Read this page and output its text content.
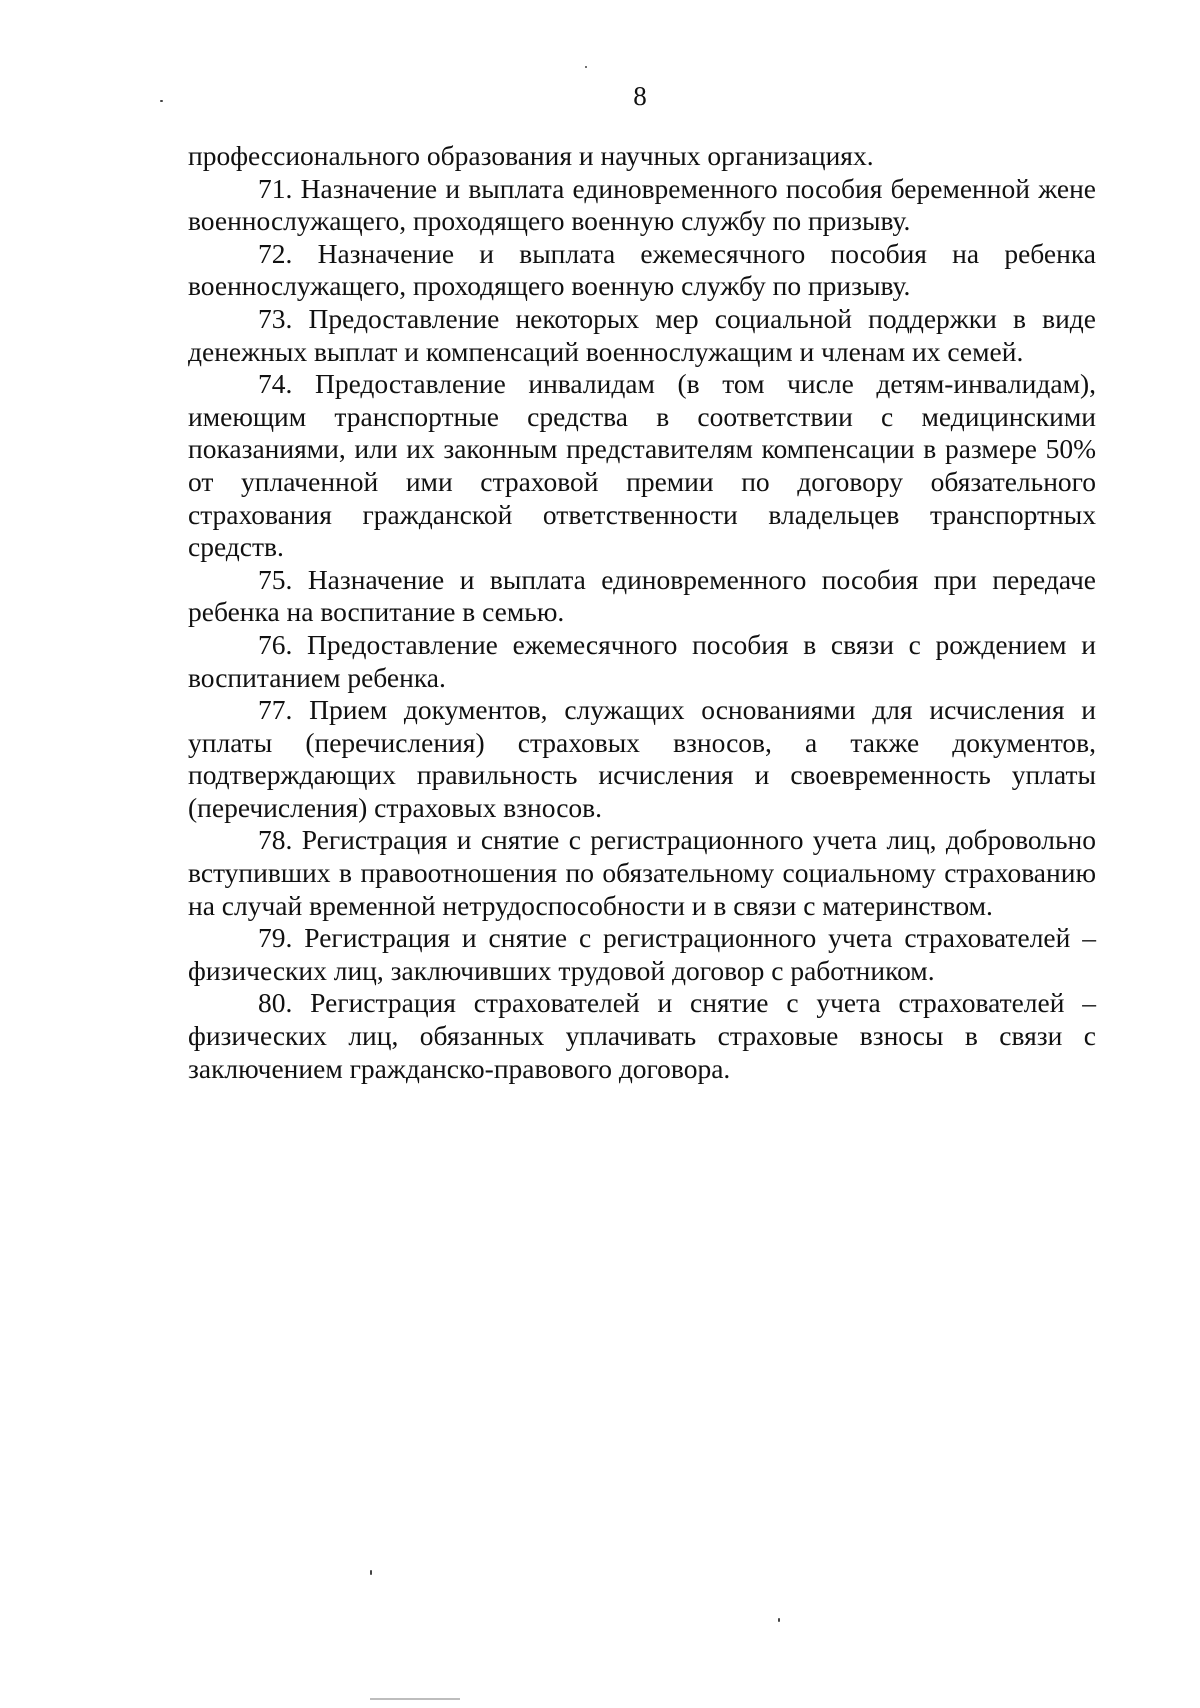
8

профессионального образования и научных организациях.

71. Назначение и выплата единовременного пособия беременной жене военнослужащего, проходящего военную службу по призыву.

72. Назначение и выплата ежемесячного пособия на ребенка военнослужащего, проходящего военную службу по призыву.

73. Предоставление некоторых мер социальной поддержки в виде денежных выплат и компенсаций военнослужащим и членам их семей.

74. Предоставление инвалидам (в том числе детям-инвалидам), имеющим транспортные средства в соответствии с медицинскими показаниями, или их законным представителям компенсации в размере 50% от уплаченной ими страховой премии по договору обязательного страхования гражданской ответственности владельцев транспортных средств.

75. Назначение и выплата единовременного пособия при передаче ребенка на воспитание в семью.

76. Предоставление ежемесячного пособия в связи с рождением и воспитанием ребенка.

77. Прием документов, служащих основаниями для исчисления и уплаты (перечисления) страховых взносов, а также документов, подтверждающих правильность исчисления и своевременность уплаты (перечисления) страховых взносов.

78. Регистрация и снятие с регистрационного учета лиц, добровольно вступивших в правоотношения по обязательному социальному страхованию на случай временной нетрудоспособности и в связи с материнством.

79. Регистрация и снятие с регистрационного учета страхователей – физических лиц, заключивших трудовой договор с работником.

80. Регистрация страхователей и снятие с учета страхователей – физических лиц, обязанных уплачивать страховые взносы в связи с заключением гражданско-правового договора.
